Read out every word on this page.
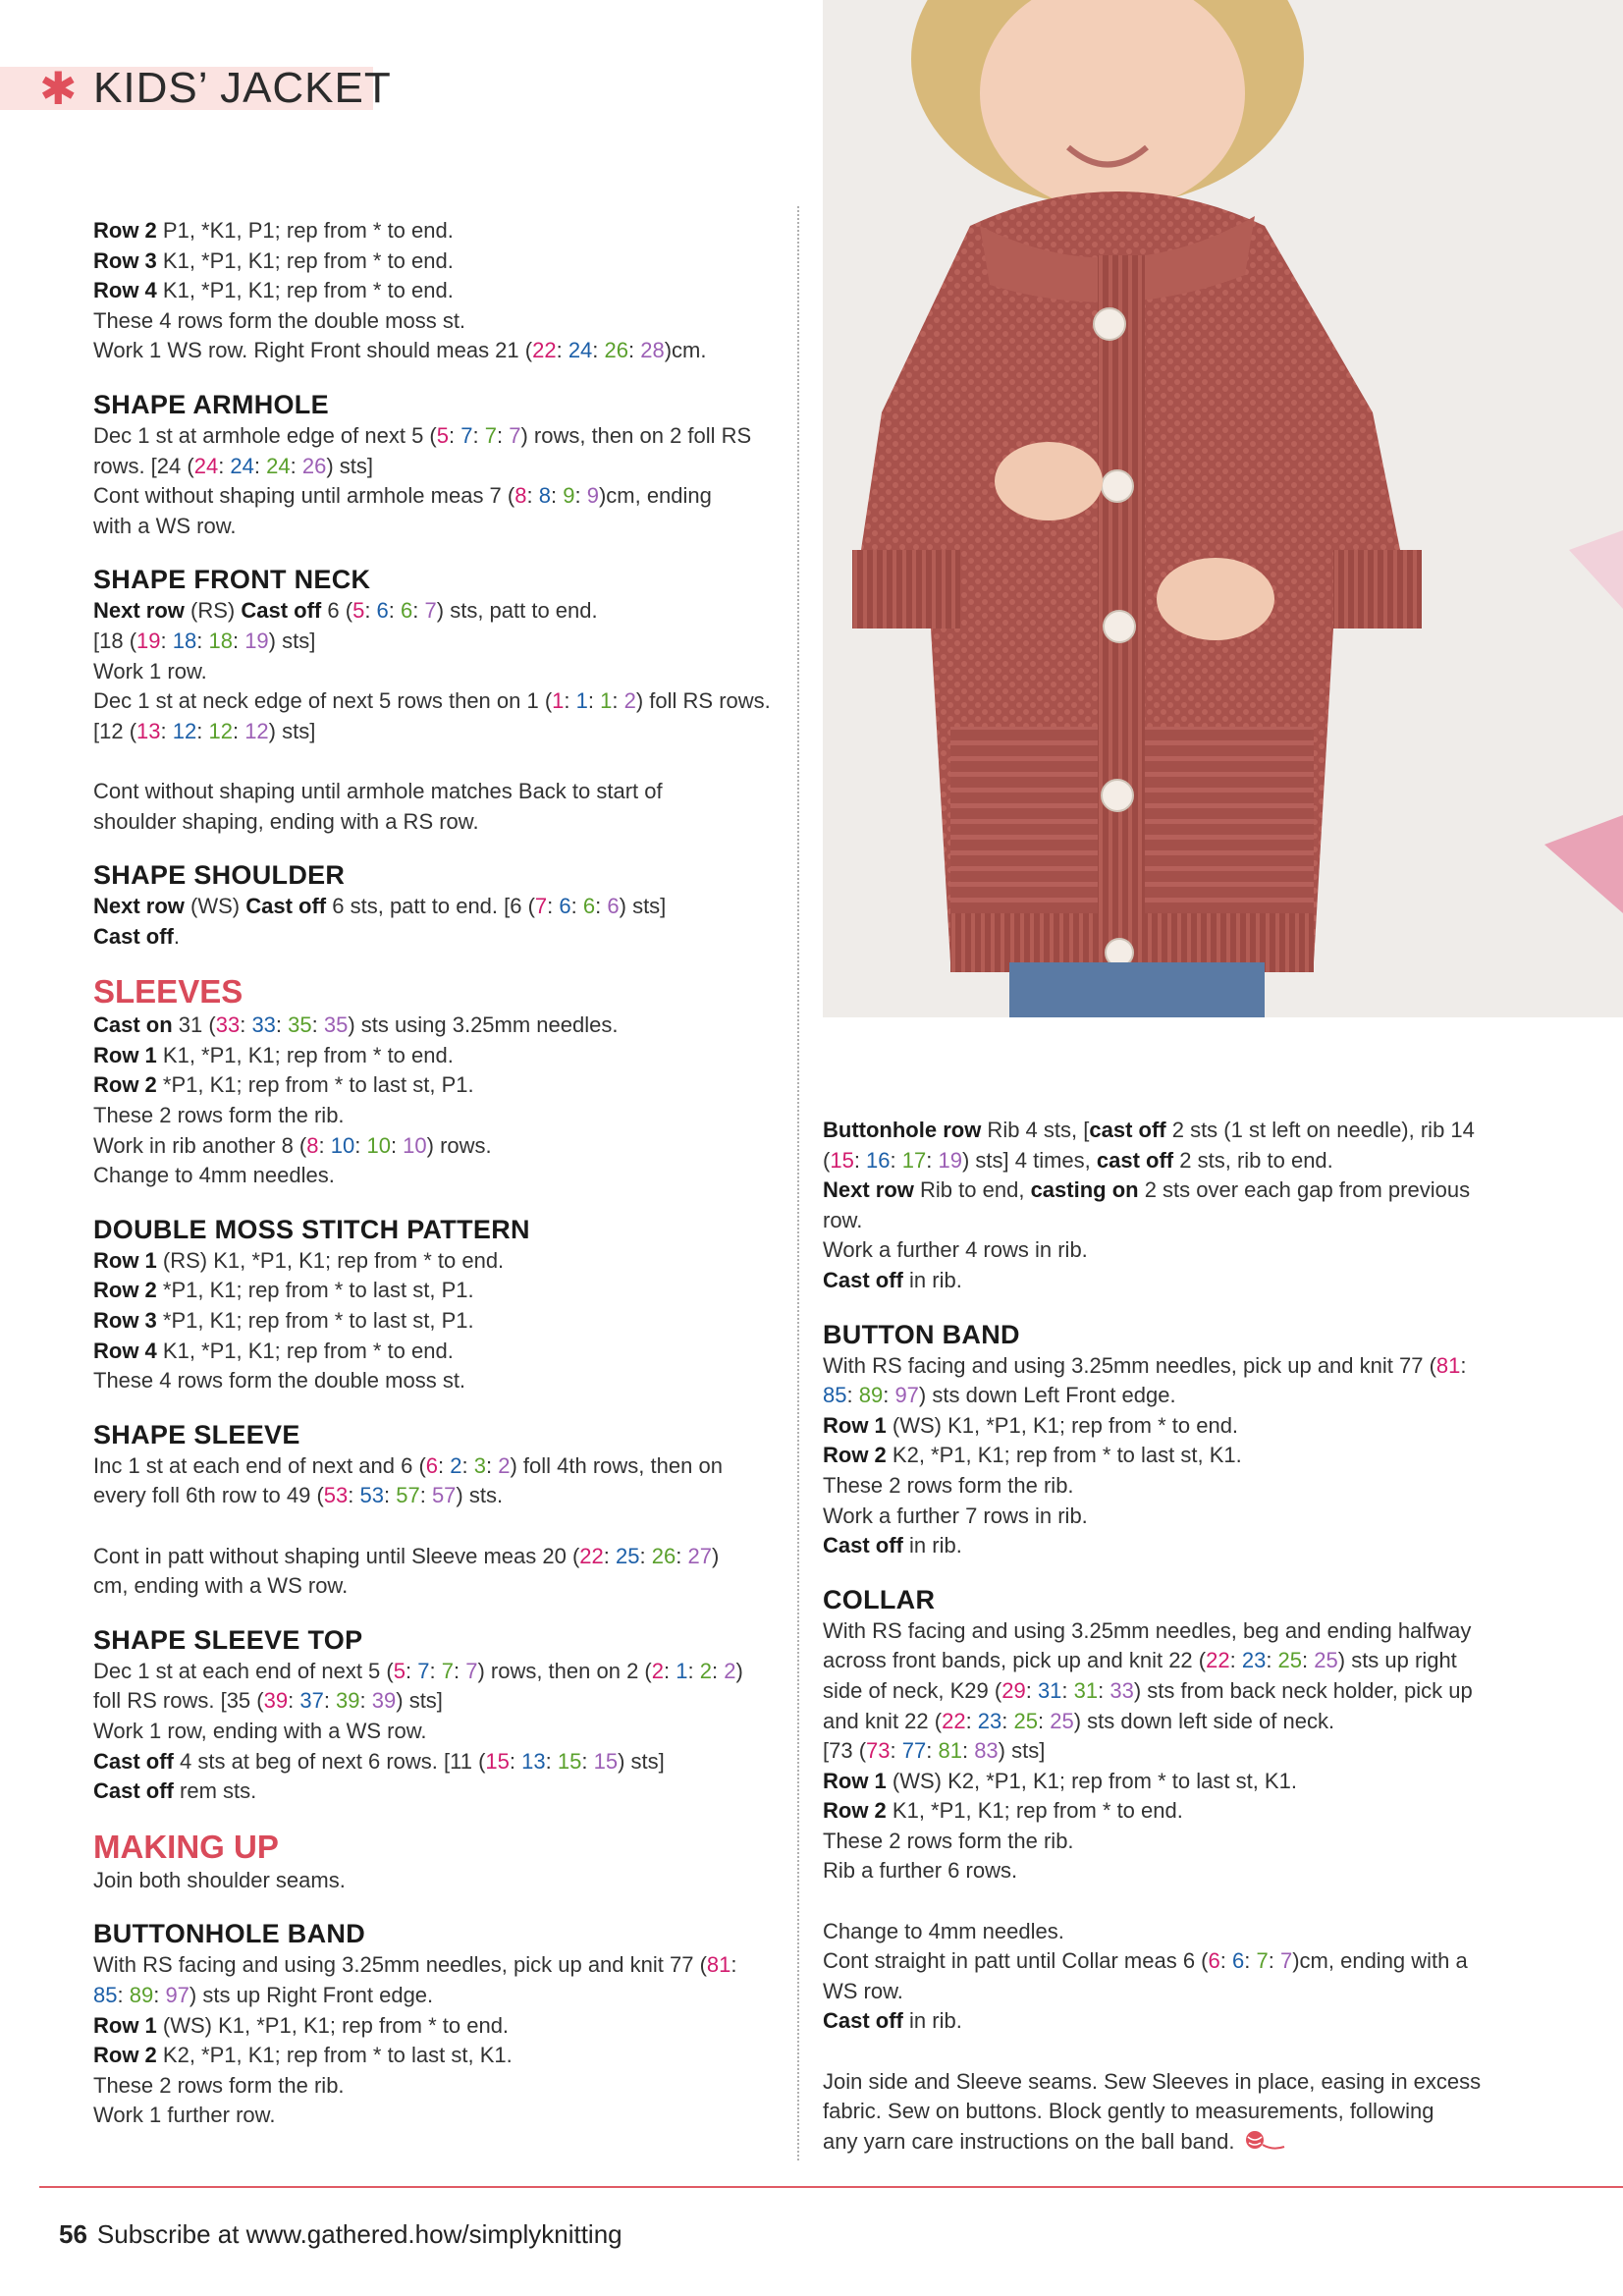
✱ KIDS’ JACKET

Row 2 P1, *K1, P1; rep from * to end.

Row 3 K1, *P1, K1; rep from * to end.

Row 4 K1, *P1, K1; rep from * to end.

These 4 rows form the double moss st.

Work 1 WS row. Right Front should meas 21 (22: 24: 26: 28)cm.

SHAPE ARMHOLE

Dec 1 st at armhole edge of next 5 (5: 7: 7: 7) rows, then on 2 foll RS

rows. [24 (24: 24: 24: 26) sts]

Cont without shaping until armhole meas 7 (8: 8: 9: 9)cm, ending

with a WS row.

SHAPE FRONT NECK

Next row (RS) Cast off 6 (5: 6: 6: 7) sts, patt to end.

[18 (19: 18: 18: 19) sts]

Work 1 row.

Dec 1 st at neck edge of next 5 rows then on 1 (1: 1: 1: 2) foll RS rows.

[12 (13: 12: 12: 12) sts]

Cont without shaping until armhole matches Back to start of

shoulder shaping, ending with a RS row.

SHAPE SHOULDER

Next row (WS) Cast off 6 sts, patt to end. [6 (7: 6: 6: 6) sts]

Cast off.

SLEEVES

Cast on 31 (33: 33: 35: 35) sts using 3.25mm needles.

Row 1 K1, *P1, K1; rep from * to end.

Row 2 *P1, K1; rep from * to last st, P1.

These 2 rows form the rib.

Work in rib another 8 (8: 10: 10: 10) rows.

Change to 4mm needles.

DOUBLE MOSS STITCH PATTERN

Row 1 (RS) K1, *P1, K1; rep from * to end.

Row 2 *P1, K1; rep from * to last st, P1.

Row 3 *P1, K1; rep from * to last st, P1.

Row 4 K1, *P1, K1; rep from * to end.

These 4 rows form the double moss st.

SHAPE SLEEVE

Inc 1 st at each end of next and 6 (6: 2: 3: 2) foll 4th rows, then on

every foll 6th row to 49 (53: 53: 57: 57) sts.

Cont in patt without shaping until Sleeve meas 20 (22: 25: 26: 27)

cm, ending with a WS row.

SHAPE SLEEVE TOP

Dec 1 st at each end of next 5 (5: 7: 7: 7) rows, then on 2 (2: 1: 2: 2)

foll RS rows. [35 (39: 37: 39: 39) sts]

Work 1 row, ending with a WS row.

Cast off 4 sts at beg of next 6 rows. [11 (15: 13: 15: 15) sts]

Cast off rem sts.

MAKING UP

Join both shoulder seams.

BUTTONHOLE BAND

With RS facing and using 3.25mm needles, pick up and knit 77 (81:

85: 89: 97) sts up Right Front edge.

Row 1 (WS) K1, *P1, K1; rep from * to end.

Row 2 K2, *P1, K1; rep from * to last st, K1.

These 2 rows form the rib.

Work 1 further row.

Buttonhole row Rib 4 sts, [cast off 2 sts (1 st left on needle), rib 14

(15: 16: 17: 19) sts] 4 times, cast off 2 sts, rib to end.

Next row Rib to end, casting on 2 sts over each gap from previous

row.

Work a further 4 rows in rib.

Cast off in rib.

BUTTON BAND

With RS facing and using 3.25mm needles, pick up and knit 77 (81:

85: 89: 97) sts down Left Front edge.

Row 1 (WS) K1, *P1, K1; rep from * to end.

Row 2 K2, *P1, K1; rep from * to last st, K1.

These 2 rows form the rib.

Work a further 7 rows in rib.

Cast off in rib.

COLLAR

With RS facing and using 3.25mm needles, beg and ending halfway

across front bands, pick up and knit 22 (22: 23: 25: 25) sts up right

side of neck, K29 (29: 31: 31: 33) sts from back neck holder, pick up

and knit 22 (22: 23: 25: 25) sts down left side of neck.

[73 (73: 77: 81: 83) sts]

Row 1 (WS) K2, *P1, K1; rep from * to last st, K1.

Row 2 K1, *P1, K1; rep from * to end.

These 2 rows form the rib.

Rib a further 6 rows.

Change to 4mm needles.

Cont straight in patt until Collar meas 6 (6: 6: 7: 7)cm, ending with a

WS row.

Cast off in rib.

Join side and Sleeve seams. Sew Sleeves in place, easing in excess

fabric. Sew on buttons. Block gently to measurements, following

any yarn care instructions on the ball band.

56 Subscribe at www.gathered.how/simplyknitting
